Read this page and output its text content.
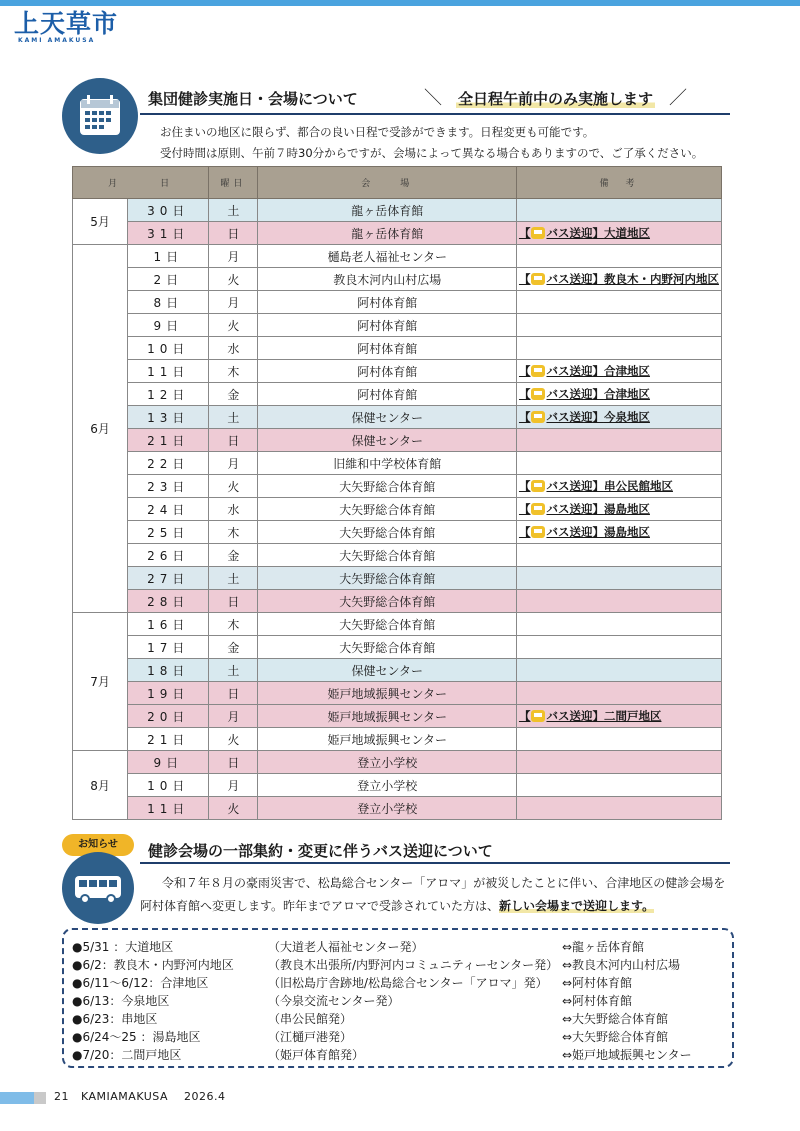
上天草市
KAMI AMAKUSA
集団健診実施日・会場について	＼ 全日程午前中のみ実施します ／
お住まいの地区に限らず、都合の良い日程で受診ができます。日程変更も可能です。
受付時間は原則、午前７時30分からですが、会場によって異なる場合もありますので、ご了承ください。
月　　　日		曜日	会　　場	備　考
5月	30日	土	龍ヶ岳体育館	
	31日	日	龍ヶ岳体育館	【 バス送迎】大道地区
6月	1日	月	樋島老人福祉センター	
	2日	火	教良木河内山村広場	【 バス送迎】教良木・内野河内地区
	8日	月	阿村体育館	
	9日	火	阿村体育館	
	10日	水	阿村体育館	
	11日	木	阿村体育館	【 バス送迎】合津地区
	12日	金	阿村体育館	【 バス送迎】合津地区
	13日	土	保健センター	【 バス送迎】今泉地区
	21日	日	保健センター	
	22日	月	旧維和中学校体育館	
	23日	火	大矢野総合体育館	【 バス送迎】串公民館地区
	24日	水	大矢野総合体育館	【 バス送迎】湯島地区
	25日	木	大矢野総合体育館	【 バス送迎】湯島地区
	26日	金	大矢野総合体育館	
	27日	土	大矢野総合体育館	
	28日	日	大矢野総合体育館	
7月	16日	木	大矢野総合体育館	
	17日	金	大矢野総合体育館	
	18日	土	保健センター	
	19日	日	姫戸地域振興センター	
	20日	月	姫戸地域振興センター	【 バス送迎】二間戸地区
	21日	火	姫戸地域振興センター	
8月	9日	日	登立小学校	
	10日	月	登立小学校	
	11日	火	登立小学校	
お知らせ	健診会場の一部集約・変更に伴うバス送迎について
令和７年８月の豪雨災害で、松島総合センター「アロマ」が被災したことに伴い、合津地区の健診会場を阿村体育館へ変更します。昨年までアロマで受診されていた方は、新しい会場まで送迎します。
●5/31 ：大道地区	（大道老人福祉センター発）	⇔龍ヶ岳体育館
●6/2：教良木・内野河内地区	（教良木出張所/内野河内コミュニティーセンター発） ⇔教良木河内山村広場
●6/11～6/12：合津地区	（旧松島庁舎跡地/松島総合センター「アロマ」発） ⇔阿村体育館
●6/13：今泉地区	（今泉交流センター発）	⇔阿村体育館
●6/23：串地区	（串公民館発）	⇔大矢野総合体育館
●6/24～25 ：湯島地区	（江樋戸港発）	⇔大矢野総合体育館
●7/20：二間戸地区	（姫戸体育館発）	⇔姫戸地域振興センター
21 KAMIAMAKUSA 2026.4
